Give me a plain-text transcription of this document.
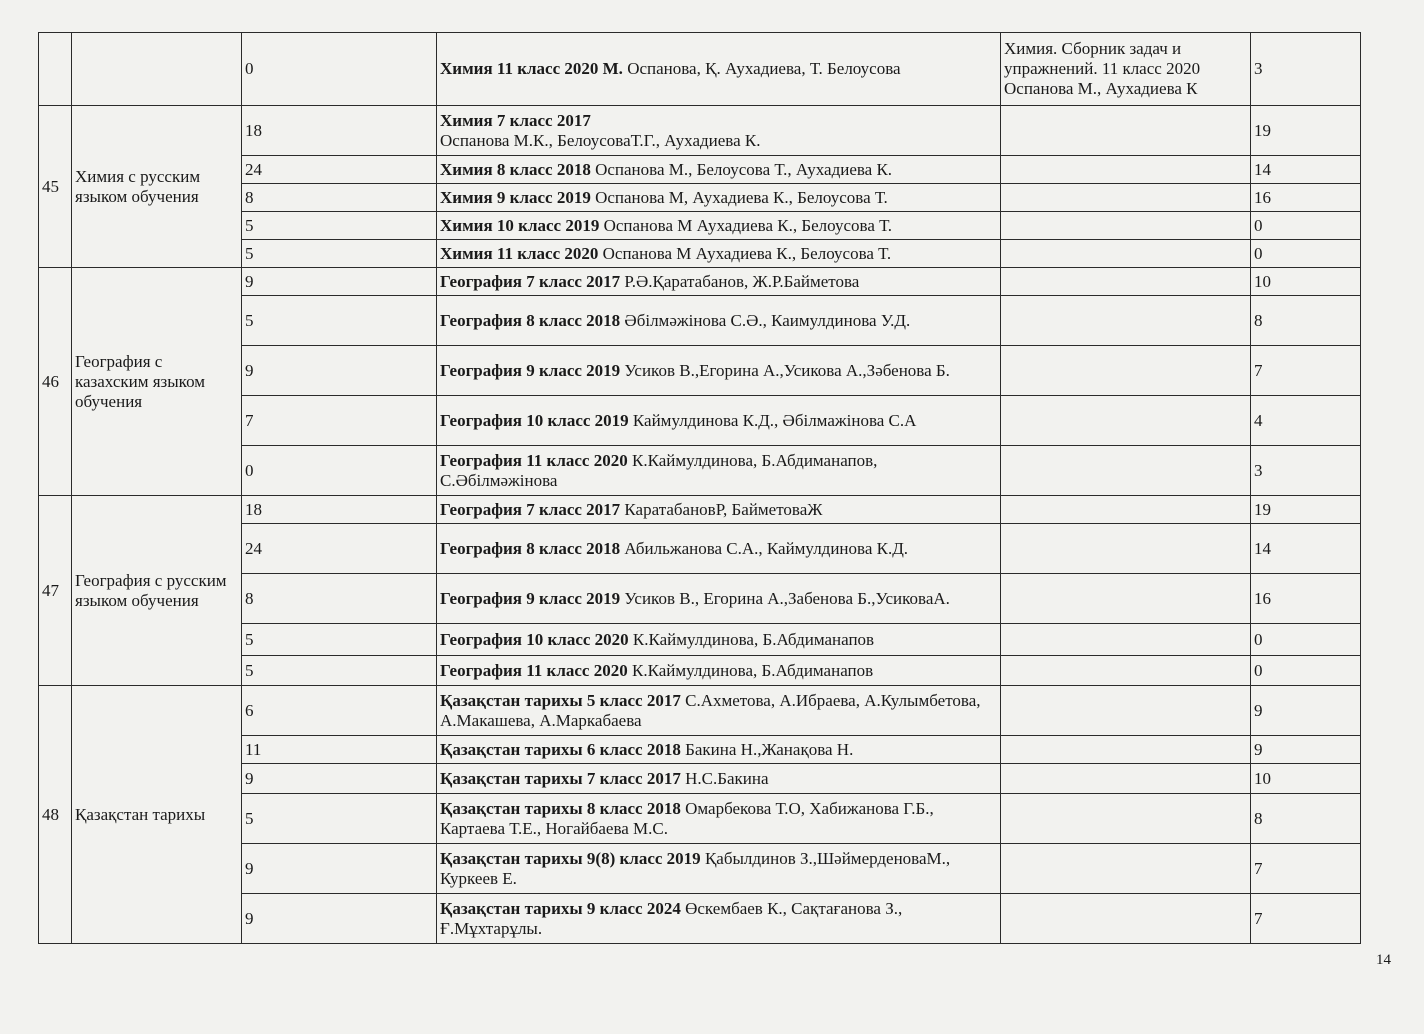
		0	Химия 11 класс 2020 М. Оспанова, Қ. Аухадиева, Т. Белоусова	Химия. Сборник задач и упражнений. 11 класс 2020 Оспанова М., Аухадиева К	3
45	Химия с русским языком обучения	18	Химия 7 класс 2017
Оспанова М.К., БелоусоваТ.Г., Аухадиева К.		19
		24	Химия 8 класс 2018 Оспанова М., Белоусова Т., Аухадиева К.		14
		8	Химия 9 класс 2019 Оспанова М, Аухадиева К., Белоусова Т.		16
		5	Химия 10 класс 2019 Оспанова М Аухадиева К., Белоусова Т.		0
		5	Химия 11 класс 2020 Оспанова М Аухадиева К., Белоусова Т.		0
46	География с казахским языком обучения	9	География 7 класс 2017 Р.Ә.Қаратабанов, Ж.Р.Байметова		10
		5	География 8 класс 2018 Әбілмәжінова С.Ә., Каимулдинова У.Д.		8
		9	География 9 класс 2019 Усиков В.,Егорина А.,Усикова А.,Зәбенова Б.		7
		7	География 10 класс 2019 Каймулдинова К.Д., Әбілмажінова С.А		4
		0	География 11 класс 2020 К.Каймулдинова, Б.Абдиманапов, С.Әбілмәжінова		3
47	География с русским языком обучения	18	География 7 класс 2017 КаратабановР, БайметоваЖ		19
		24	География 8 класс 2018 Абильжанова С.А., Каймулдинова К.Д.		14
		8	География 9 класс 2019 Усиков В., Егорина А.,Забенова Б.,УсиковаА.		16
		5	География 10 класс 2020 К.Каймулдинова, Б.Абдиманапов		0
		5	География 11 класс 2020 К.Каймулдинова, Б.Абдиманапов		0
48	Қазақстан тарихы	6	Қазақстан тарихы 5 класс 2017 С.Ахметова, А.Ибраева, А.Кулымбетова, А.Макашева, А.Маркабаева		9
		11	Қазақстан тарихы 6 класс 2018 Бакина Н.,Жанақова Н.		9
		9	Қазақстан тарихы 7 класс 2017 Н.С.Бакина		10
		5	Қазақстан тарихы 8 класс 2018 Омарбекова Т.О, Хабижанова Г.Б., Картаева Т.Е., Ногайбаева М.С.		8
		9	Қазақстан тарихы 9(8) класс 2019 Қабылдинов З.,ШәймерденоваМ., Куркеев Е.		7
		9	Қазақстан тарихы 9 класс 2024 Өскембаев К., Сақтағанова З., Ғ.Мұхтарұлы.		7
14
